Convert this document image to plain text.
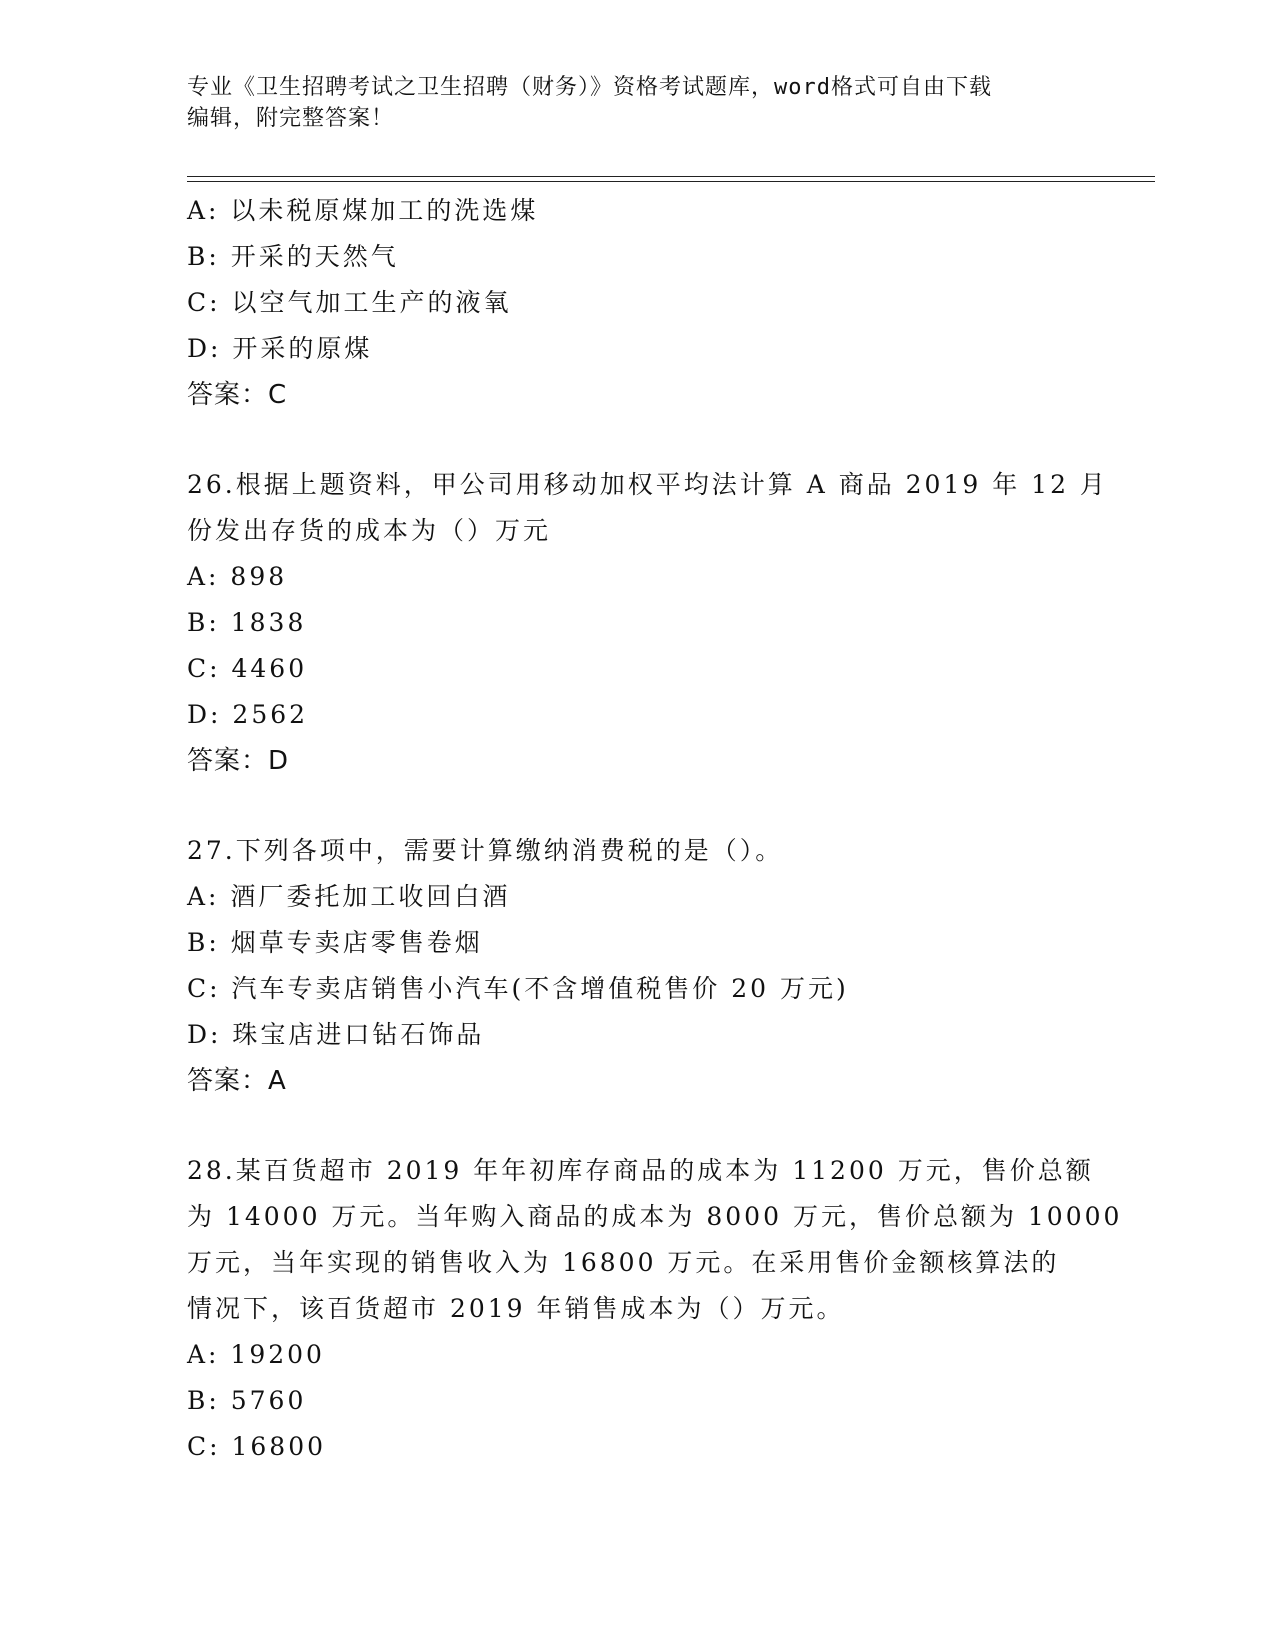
专业《卫生招聘考试之卫生招聘（财务）》资格考试题库，word格式可自由下载
编辑，附完整答案！
A: 以未税原煤加工的洗选煤
B: 开采的天然气
C: 以空气加工生产的液氧
D: 开采的原煤
答案：C
26.根据上题资料，甲公司用移动加权平均法计算 A 商品 2019 年 12 月
份发出存货的成本为（）万元
A: 898
B: 1838
C: 4460
D: 2562
答案：D
27.下列各项中，需要计算缴纳消费税的是（）。
A: 酒厂委托加工收回白酒
B: 烟草专卖店零售卷烟
C: 汽车专卖店销售小汽车(不含增值税售价 20 万元)
D: 珠宝店进口钻石饰品
答案：A
28.某百货超市 2019 年年初库存商品的成本为 11200 万元，售价总额
为 14000 万元。当年购入商品的成本为 8000 万元，售价总额为 10000
万元，当年实现的销售收入为 16800 万元。在采用售价金额核算法的
情况下，该百货超市 2019 年销售成本为（）万元。
A: 19200
B: 5760
C: 16800
